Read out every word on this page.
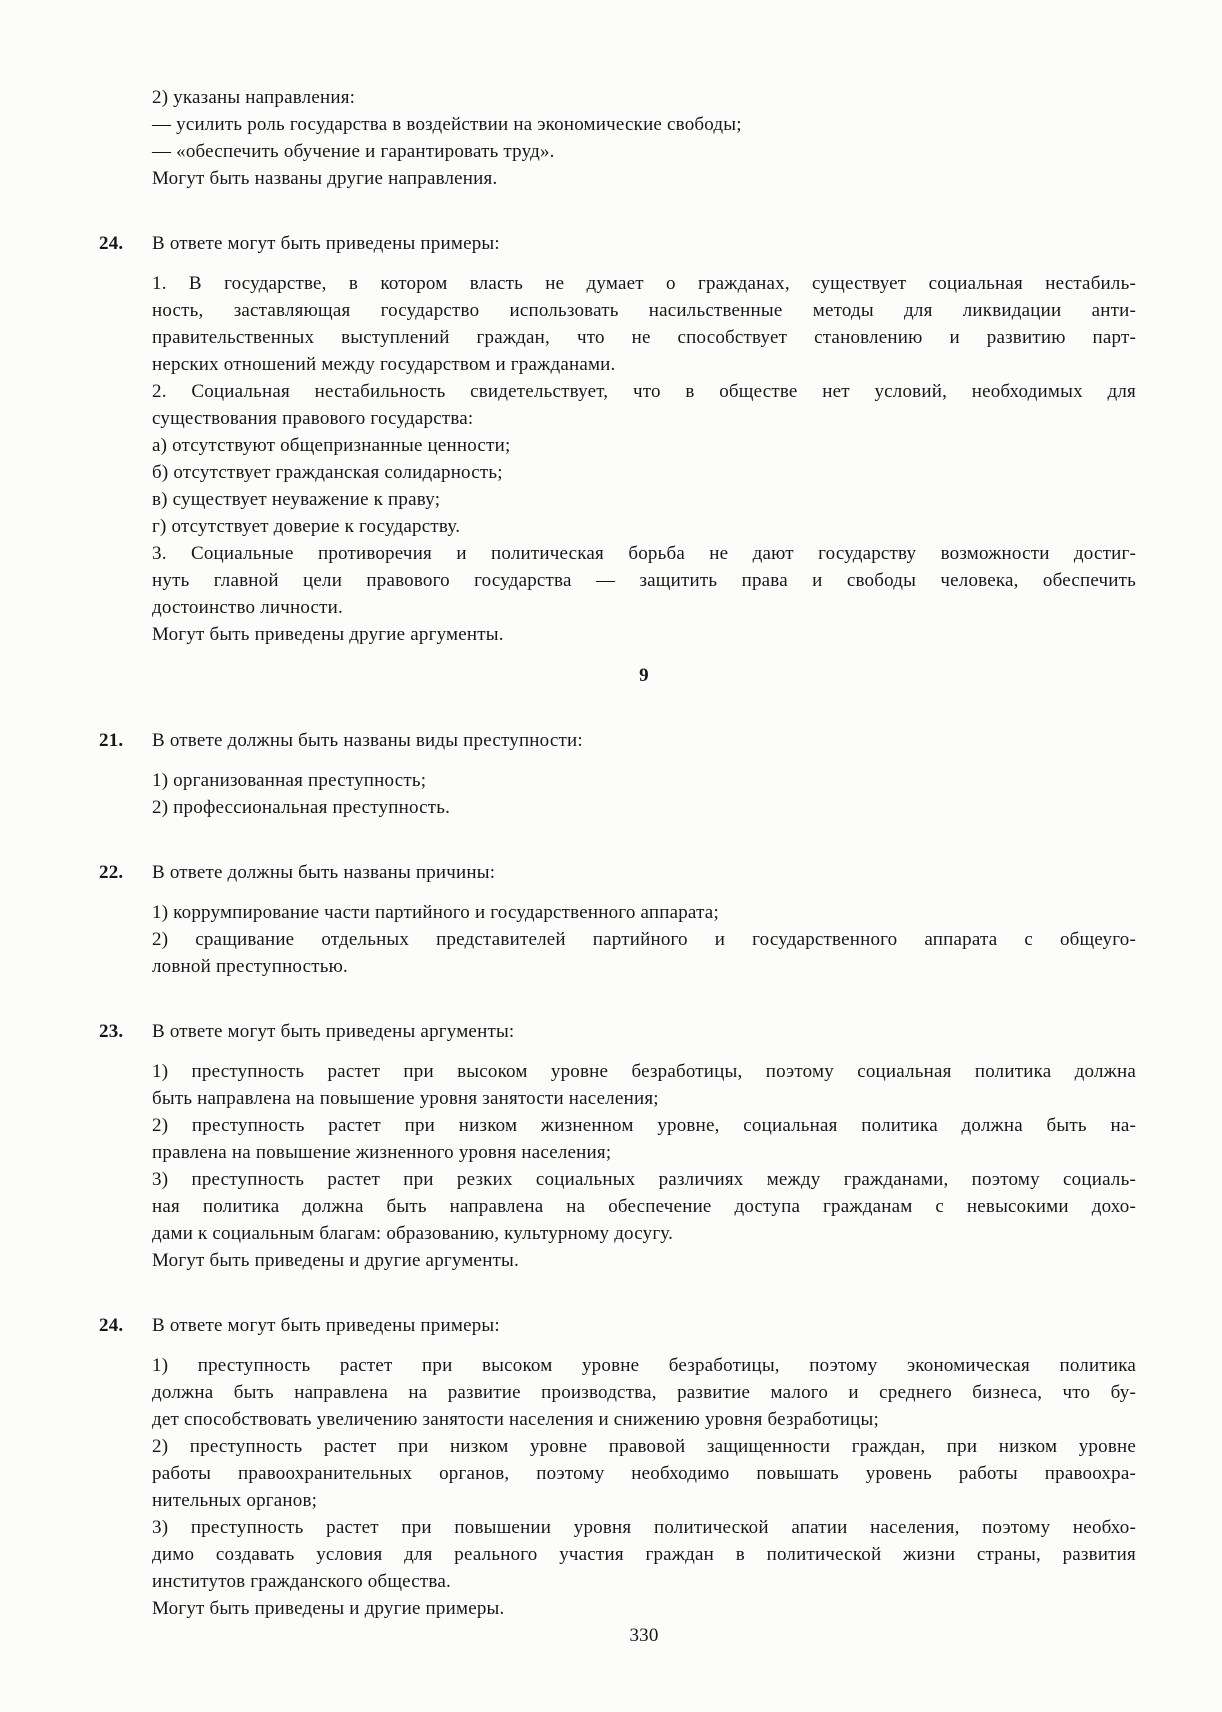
2) указаны направления:
— усилить роль государства в воздействии на экономические свободы;
— «обеспечить обучение и гарантировать труд».
Могут быть названы другие направления.
24.	В ответе могут быть приведены примеры:
1. В государстве, в котором власть не думает о гражданах, существует социальная нестабиль-
ность, заставляющая государство использовать насильственные методы для ликвидации анти-
правительственных выступлений граждан, что не способствует становлению и развитию парт-
нерских отношений между государством и гражданами.
2. Социальная нестабильность свидетельствует, что в обществе нет условий, необходимых для
существования правового государства:
а) отсутствуют общепризнанные ценности;
б) отсутствует гражданская солидарность;
в) существует неуважение к праву;
г) отсутствует доверие к государству.
3. Социальные противоречия и политическая борьба не дают государству возможности достиг-
нуть главной цели правового государства — защитить права и свободы человека, обеспечить
достоинство личности.
Могут быть приведены другие аргументы.
9
21.	В ответе должны быть названы виды преступности:
1) организованная преступность;
2) профессиональная преступность.
22.	В ответе должны быть названы причины:
1) коррумпирование части партийного и государственного аппарата;
2) сращивание отдельных представителей партийного и государственного аппарата с общеуго-
ловной преступностью.
23.	В ответе могут быть приведены аргументы:
1) преступность растет при высоком уровне безработицы, поэтому социальная политика должна
быть направлена на повышение уровня занятости населения;
2) преступность растет при низком жизненном уровне, социальная политика должна быть на-
правлена на повышение жизненного уровня населения;
3) преступность растет при резких социальных различиях между гражданами, поэтому социаль-
ная политика должна быть направлена на обеспечение доступа гражданам с невысокими дохо-
дами к социальным благам: образованию, культурному досугу.
Могут быть приведены и другие аргументы.
24.	В ответе могут быть приведены примеры:
1) преступность растет при высоком уровне безработицы, поэтому экономическая политика
должна быть направлена на развитие производства, развитие малого и среднего бизнеса, что бу-
дет способствовать увеличению занятости населения и снижению уровня безработицы;
2) преступность растет при низком уровне правовой защищенности граждан, при низком уровне
работы правоохранительных органов, поэтому необходимо повышать уровень работы правоохра-
нительных органов;
3) преступность растет при повышении уровня политической апатии населения, поэтому необхо-
димо создавать условия для реального участия граждан в политической жизни страны, развития
институтов гражданского общества.
Могут быть приведены и другие примеры.
330
